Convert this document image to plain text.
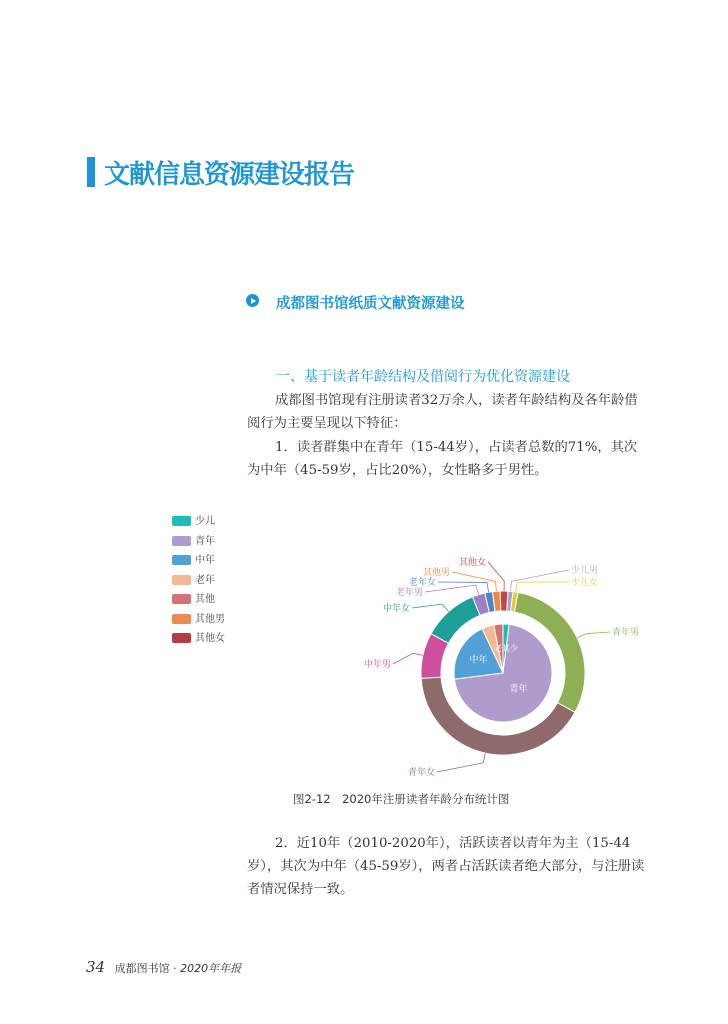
文献信息资源建设报告
成都图书馆纸质文献资源建设
一、基于读者年龄结构及借阅行为优化资源建设
成都图书馆现有注册读者32万余人，读者年龄结构及各年龄借阅行为主要呈现以下特征：
1．读者群集中在青年（15-44岁），占读者总数的71%，其次为中年（45-59岁，占比20%），女性略多于男性。
少儿
青年
中年
老年
其他
其他男
其他女
青年
中年
老其少
少儿男
少儿女
青年男
青年女
中年男
中年女
老年男
老年女
其他男
其他女
图2-12　2020年注册读者年龄分布统计图
2．近10年（2010-2020年），活跃读者以青年为主（15-44岁），其次为中年（45-59岁），两者占活跃读者绝大部分，与注册读者情况保持一致。
34 成都图书馆 · 2020年年报
